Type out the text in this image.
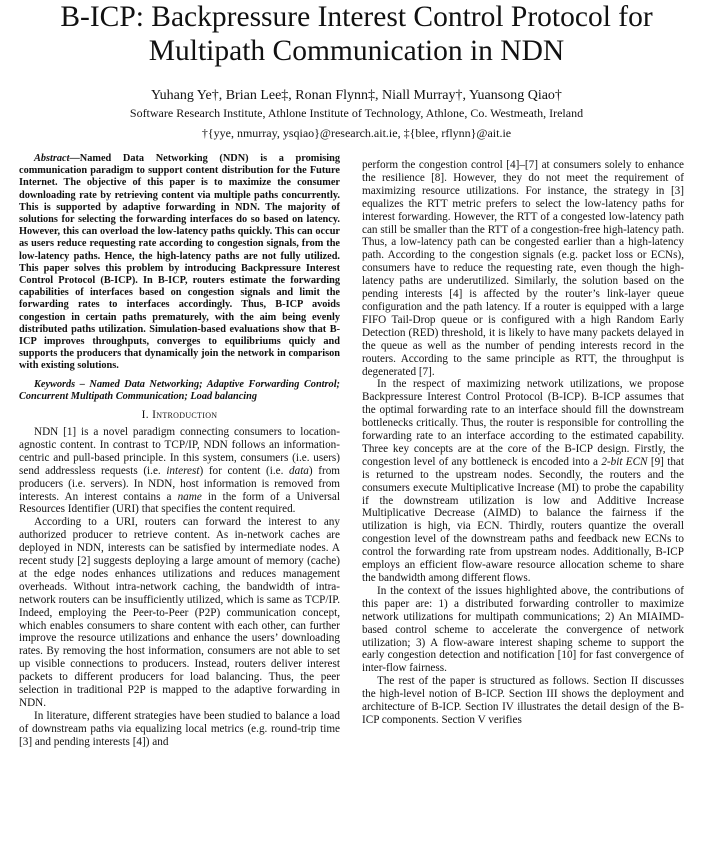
B-ICP: Backpressure Interest Control Protocol for
Multipath Communication in NDN
Yuhang Ye†, Brian Lee‡, Ronan Flynn‡, Niall Murray†, Yuansong Qiao†
Software Research Institute, Athlone Institute of Technology, Athlone, Co. Westmeath, Ireland
†{yye, nmurray, ysqiao}@research.ait.ie, ‡{blee, rflynn}@ait.ie

Abstract—Named Data Networking (NDN) is a promising communication paradigm to support content distribution for the Future Internet. The objective of this paper is to maximize the consumer downloading rate by retrieving content via multiple paths concurrently. This is supported by adaptive forwarding in NDN. The majority of solutions for selecting the forwarding interfaces do so based on latency. However, this can overload the low-latency paths quickly. This can occur as users reduce requesting rate according to congestion signals, from the low-latency paths. Hence, the high-latency paths are not fully utilized. This paper solves this problem by introducing Backpressure Interest Control Protocol (B-ICP). In B-ICP, routers estimate the forwarding capabilities of interfaces based on congestion signals and limit the forwarding rates to interfaces accordingly. Thus, B-ICP avoids congestion in certain paths prematurely, with the aim being evenly distributed paths utilization. Simulation-based evaluations show that B-ICP improves throughputs, converges to equilibriums quicly and supports the producers that dynamically join the network in comparison with existing solutions.

Keywords – Named Data Networking; Adaptive Forwarding Control; Concurrent Multipath Communication; Load balancing

I. Introduction

NDN [1] is a novel paradigm connecting consumers to location-agnostic content. In contrast to TCP/IP, NDN follows an information-centric and pull-based principle. In this system, consumers (i.e. users) send addressless requests (i.e. interest) for content (i.e. data) from producers (i.e. servers). In NDN, host information is removed from interests. An interest contains a name in the form of a Universal Resources Identifier (URI) that specifies the content required.

According to a URI, routers can forward the interest to any authorized producer to retrieve content. As in-network caches are deployed in NDN, interests can be satisfied by intermediate nodes. A recent study [2] suggests deploying a large amount of memory (cache) at the edge nodes enhances utilizations and reduces management overheads. Without intra-network caching, the bandwidth of intra-network routers can be insufficiently utilized, which is same as TCP/IP. Indeed, employing the Peer-to-Peer (P2P) communication concept, which enables consumers to share content with each other, can further improve the resource utilizations and enhance the users’ downloading rates. By removing the host information, consumers are not able to set up visible connections to producers. Instead, routers deliver interest packets to different producers for load balancing. Thus, the peer selection in traditional P2P is mapped to the adaptive forwarding in NDN.

In literature, different strategies have been studied to balance a load of downstream paths via equalizing local metrics (e.g. round-trip time [3] and pending interests [4]) and

perform the congestion control [4]–[7] at consumers solely to enhance the resilience [8]. However, they do not meet the requirement of maximizing resource utilizations. For instance, the strategy in [3] equalizes the RTT metric prefers to select the low-latency paths for interest forwarding. However, the RTT of a congested low-latency path can still be smaller than the RTT of a congestion-free high-latency path. Thus, a low-latency path can be congested earlier than a high-latency path. According to the congestion signals (e.g. packet loss or ECNs), consumers have to reduce the requesting rate, even though the high-latency paths are underutilized. Similarly, the solution based on the pending interests [4] is affected by the router’s link-layer queue configuration and the path latency. If a router is equipped with a large FIFO Tail-Drop queue or is configured with a high Random Early Detection (RED) threshold, it is likely to have many packets delayed in the queue as well as the number of pending interests record in the routers. According to the same principle as RTT, the throughput is degenerated [7].

In the respect of maximizing network utilizations, we propose Backpressure Interest Control Protocol (B-ICP). B-ICP assumes that the optimal forwarding rate to an interface should fill the downstream bottlenecks critically. Thus, the router is responsible for controlling the forwarding rate to an interface according to the estimated capability. Three key concepts are at the core of the B-ICP design. Firstly, the congestion level of any bottleneck is encoded into a 2-bit ECN [9] that is returned to the upstream nodes. Secondly, the routers and the consumers execute Multiplicative Increase (MI) to probe the capability if the downstream utilization is low and Additive Increase Multiplicative Decrease (AIMD) to balance the fairness if the utilization is high, via ECN. Thirdly, routers quantize the overall congestion level of the downstream paths and feedback new ECNs to control the forwarding rate from upstream nodes. Additionally, B-ICP employs an efficient flow-aware resource allocation scheme to share the bandwidth among different flows.

In the context of the issues highlighted above, the contributions of this paper are: 1) a distributed forwarding controller to maximize network utilizations for multipath communications; 2) An MIAIMD-based control scheme to accelerate the convergence of network utilization; 3) A flow-aware interest shaping scheme to support the early congestion detection and notification [10] for fast convergence of inter-flow fairness.

The rest of the paper is structured as follows. Section II discusses the high-level notion of B-ICP. Section III shows the deployment and architecture of B-ICP. Section IV illustrates the detail design of the B-ICP components. Section V verifies
